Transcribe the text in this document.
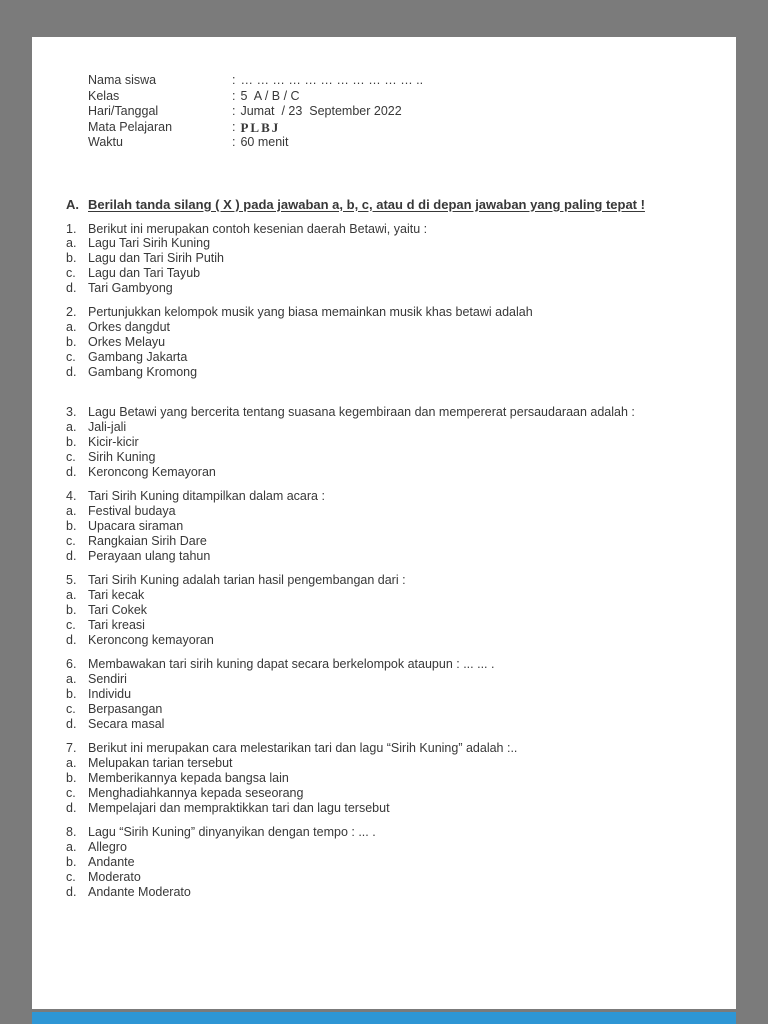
Nama siswa	: … … … … … … … … … … … ..
Kelas	: 5  A / B / C
Hari/Tanggal	: Jumat  / 23  September 2022
Mata Pelajaran	: PLBJ
Waktu	: 60 menit
A. Berilah tanda silang ( X ) pada jawaban a, b, c, atau d di depan jawaban yang paling tepat !
1. Berikut ini merupakan contoh kesenian daerah Betawi, yaitu :
a. Lagu Tari Sirih Kuning
b. Lagu dan Tari Sirih Putih
c. Lagu dan Tari Tayub
d. Tari Gambyong
2. Pertunjukkan kelompok musik yang biasa memainkan musik khas betawi adalah
a. Orkes dangdut
b. Orkes Melayu
c. Gambang Jakarta
d. Gambang Kromong
3. Lagu Betawi yang bercerita tentang suasana kegembiraan dan mempererat persaudaraan adalah :
a. Jali-jali
b. Kicir-kicir
c. Sirih Kuning
d. Keroncong Kemayoran
4. Tari Sirih Kuning ditampilkan dalam acara :
a. Festival budaya
b. Upacara siraman
c. Rangkaian Sirih Dare
d. Perayaan ulang tahun
5. Tari Sirih Kuning adalah tarian hasil pengembangan dari :
a. Tari kecak
b. Tari Cokek
c. Tari kreasi
d. Keroncong kemayoran
6. Membawakan tari sirih kuning dapat secara berkelompok ataupun : ... ... .
a. Sendiri
b. Individu
c. Berpasangan
d. Secara masal
7. Berikut ini merupakan cara melestarikan tari dan lagu “Sirih Kuning” adalah :..
a. Melupakan tarian tersebut
b. Memberikannya kepada bangsa lain
c. Menghadiahkannya kepada seseorang
d. Mempelajari dan mempraktikkan tari dan lagu tersebut
8. Lagu “Sirih Kuning” dinyanyikan dengan tempo : ... .
a. Allegro
b. Andante
c. Moderato
d. Andante Moderato
